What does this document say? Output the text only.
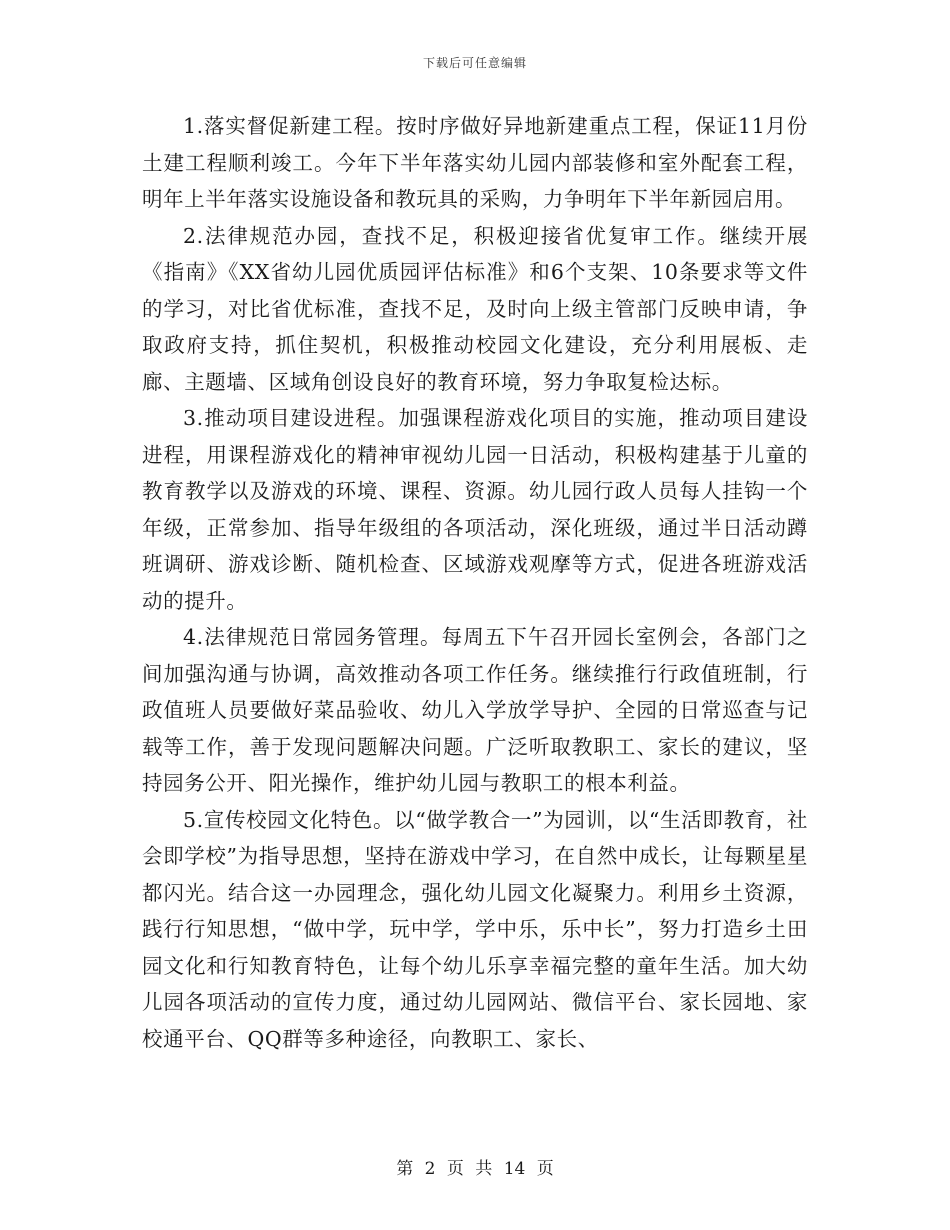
下载后可任意编辑

1.落实督促新建工程。按时序做好异地新建重点工程，保证11月份土建工程顺利竣工。今年下半年落实幼儿园内部装修和室外配套工程，明年上半年落实设施设备和教玩具的采购，力争明年下半年新园启用。

2.法律规范办园，查找不足，积极迎接省优复审工作。继续开展《指南》《XX省幼儿园优质园评估标准》和6个支架、10条要求等文件的学习，对比省优标准，查找不足，及时向上级主管部门反映申请，争取政府支持，抓住契机，积极推动校园文化建设，充分利用展板、走廊、主题墙、区域角创设良好的教育环境，努力争取复检达标。

3.推动项目建设进程。加强课程游戏化项目的实施，推动项目建设进程，用课程游戏化的精神审视幼儿园一日活动，积极构建基于儿童的教育教学以及游戏的环境、课程、资源。幼儿园行政人员每人挂钩一个年级，正常参加、指导年级组的各项活动，深化班级，通过半日活动蹲班调研、游戏诊断、随机检查、区域游戏观摩等方式，促进各班游戏活动的提升。

4.法律规范日常园务管理。每周五下午召开园长室例会，各部门之间加强沟通与协调，高效推动各项工作任务。继续推行行政值班制，行政值班人员要做好菜品验收、幼儿入学放学导护、全园的日常巡查与记载等工作，善于发现问题解决问题。广泛听取教职工、家长的建议，坚持园务公开、阳光操作，维护幼儿园与教职工的根本利益。

5.宣传校园文化特色。以“做学教合一”为园训，以“生活即教育，社会即学校”为指导思想，坚持在游戏中学习，在自然中成长，让每颗星星都闪光。结合这一办园理念，强化幼儿园文化凝聚力。利用乡土资源，践行行知思想，“做中学，玩中学，学中乐，乐中长”，努力打造乡土田园文化和行知教育特色，让每个幼儿乐享幸福完整的童年生活。加大幼儿园各项活动的宣传力度，通过幼儿园网站、微信平台、家长园地、家校通平台、QQ群等多种途径，向教职工、家长、

第 2 页 共 14 页
